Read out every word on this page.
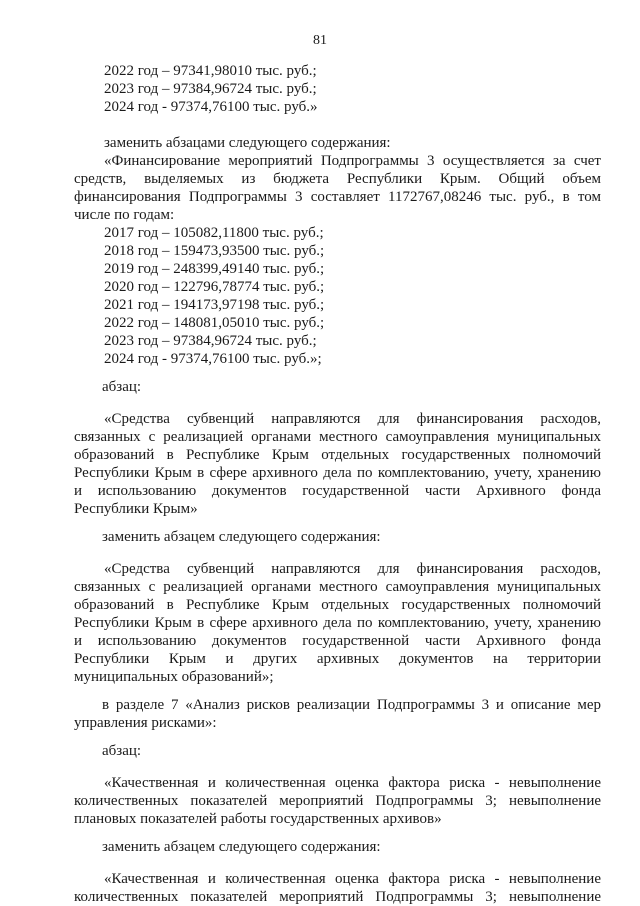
81
2022 год – 97341,98010 тыс. руб.;
2023 год – 97384,96724 тыс. руб.;
2024 год - 97374,76100 тыс. руб.»
заменить абзацами следующего содержания:
«Финансирование мероприятий Подпрограммы 3 осуществляется за счет
средств, выделяемых из бюджета Республики Крым. Общий объем
финансирования Подпрограммы 3 составляет 1172767,08246 тыс. руб., в том
числе по годам:
2017 год – 105082,11800 тыс. руб.;
2018 год – 159473,93500 тыс. руб.;
2019 год – 248399,49140 тыс. руб.;
2020 год – 122796,78774 тыс. руб.;
2021 год – 194173,97198 тыс. руб.;
2022 год – 148081,05010 тыс. руб.;
2023 год – 97384,96724 тыс. руб.;
2024 год - 97374,76100 тыс. руб.»;
абзац:
«Средства субвенций направляются для финансирования расходов,
связанных с реализацией органами местного самоуправления муниципальных
образований в Республике Крым отдельных государственных полномочий
Республики Крым в сфере архивного дела по комплектованию, учету, хранению
и использованию документов государственной части Архивного фонда
Республики Крым»
заменить абзацем следующего содержания:
«Средства субвенций направляются для финансирования расходов,
связанных с реализацией органами местного самоуправления муниципальных
образований в Республике Крым отдельных государственных полномочий
Республики Крым в сфере архивного дела по комплектованию, учету, хранению
и использованию документов государственной части Архивного фонда
Республики Крым и других архивных документов на территории
муниципальных образований»;
в разделе 7 «Анализ рисков реализации Подпрограммы 3 и описание мер
управления рисками»:
абзац:
«Качественная и количественная оценка фактора риска - невыполнение
количественных показателей мероприятий Подпрограммы 3; невыполнение
плановых показателей работы государственных архивов»
заменить абзацем следующего содержания:
«Качественная и количественная оценка фактора риска - невыполнение
количественных показателей мероприятий Подпрограммы 3; невыполнение
